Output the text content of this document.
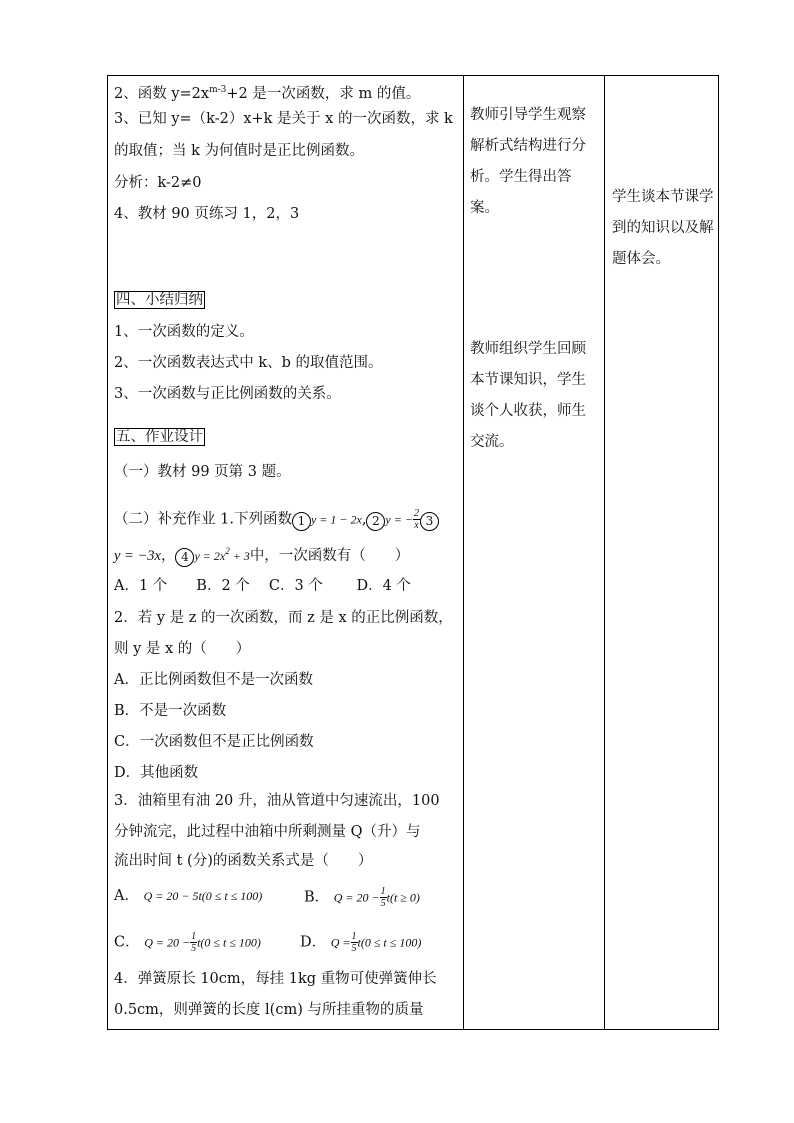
2、函数 $y=2x^{m-3}+2$ 是一次函数，求 m 的值。
3、已知 y=（k-2）x+k 是关于 x 的一次函数，求 k
的取值；当 k 为何值时是正比例函数。
分析：k-2≠0
4、教材 90 页练习 1，2，3
四、小结归纳
1、一次函数的定义。
2、一次函数表达式中 k、b 的取值范围。
3、一次函数与正比例函数的关系。
五、作业设计
（一）教材 99 页第 3 题。
（二）补充作业 1.下列函数 1 y = 1 − 2x, 2 y = − $\frac{2}{x} 3$
y = −3x， 4 $y = 2x^2 + 3$中，一次函数有（　　）
A．1 个　　B．2 个　 C．3 个　　 D．4 个
2．若 y 是 z 的一次函数，而 z 是 x 的正比例函数，
则 y 是 x 的（　　）
A．正比例函数但不是一次函数
B．不是一次函数
C．一次函数但不是正比例函数
D．其他函数
3．油箱里有油 20 升，油从管道中匀速流出，100
分钟流完，此过程中油箱中所剩测量 Q（升）与
流出时间 t (分)的函数关系式是（　　）
A． Q = 20 − 5t(0 ≤ t ≤ 100)	B． $Q = 20 - \frac{1}{5} t(t \ge 0)$
C． $Q = 20 - \frac{1}{5} t(0 \le t \le 100)$	D． $Q = \frac{1}{5} t(0 \le t \le 100)$
4．弹簧原长 10cm，每挂 1kg 重物可使弹簧伸长
0.5cm，则弹簧的长度 l(cm) 与所挂重物的质量
教师引导学生观察解析式结构进行分析。学生得出答案。
教师组织学生回顾本节课知识，学生谈个人收获，师生交流。
学生谈本节课学到的知识以及解题体会。
